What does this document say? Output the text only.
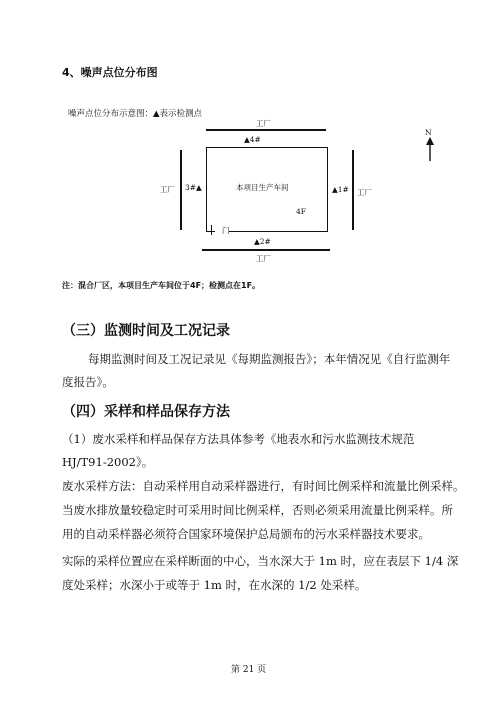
4、噪声点位分布图
噪声点位分布示意图：▲表示检测点
工厂
▲4#
本项目生产车间
4F
工厂 3#▲	▲1# 工厂
门
▲2#
工厂
N
注：混合厂区，本项目生产车间位于4F；检测点在1F。
（三）监测时间及工况记录
每期监测时间及工况记录见《每期监测报告》；本年情况见《自行监测年
度报告》。
（四）采样和样品保存方法
（1）废水采样和样品保存方法具体参考《地表水和污水监测技术规范
HJ/T91-2002》。
废水采样方法：自动采样用自动采样器进行，有时间比例采样和流量比例采样。
当废水排放量较稳定时可采用时间比例采样，否则必须采用流量比例采样。所
用的自动采样器必须符合国家环境保护总局颁布的污水采样器技术要求。
实际的采样位置应在采样断面的中心，当水深大于 1m 时，应在表层下 1/4 深
度处采样；水深小于或等于 1m 时，在水深的 1/2 处采样。
第 21 页
